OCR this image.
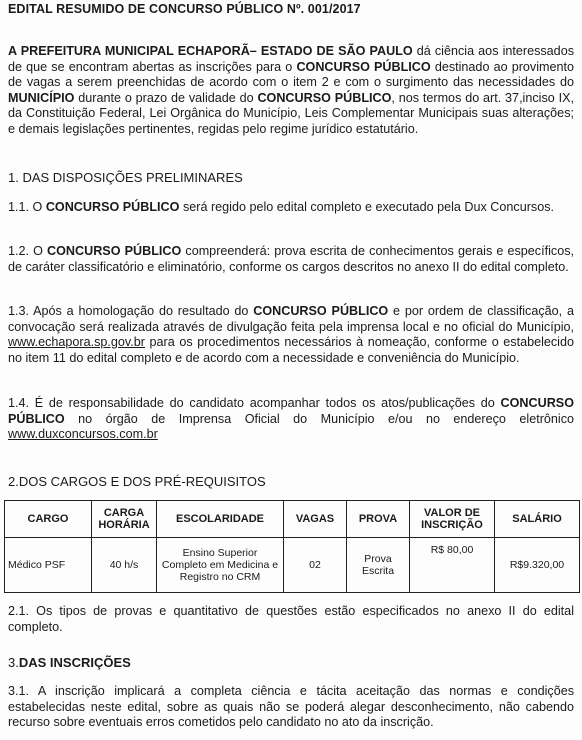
EDITAL RESUMIDO DE CONCURSO PÚBLICO Nº. 001/2017

A PREFEITURA MUNICIPAL ECHAPORÃ– ESTADO DE SÃO PAULO dá ciência aos interessados de que se encontram abertas as inscrições para o CONCURSO PÚBLICO destinado ao provimento de vagas a serem preenchidas de acordo com o item 2 e com o surgimento das necessidades do MUNICÍPIO durante o prazo de validade do CONCURSO PÚBLICO, nos termos do art. 37,inciso IX, da Constituição Federal, Lei Orgânica do Município, Leis Complementar Municipais suas alterações; e demais legislações pertinentes, regidas pelo regime jurídico estatutário.

1. DAS DISPOSIÇÕES PRELIMINARES

1.1. O CONCURSO PÚBLICO será regido pelo edital completo e executado pela Dux Concursos.

1.2. O CONCURSO PÚBLICO compreenderá: prova escrita de conhecimentos gerais e específicos, de caráter classificatório e eliminatório, conforme os cargos descritos no anexo II do edital completo.

1.3. Após a homologação do resultado do CONCURSO PÚBLICO e por ordem de classificação, a convocação será realizada através de divulgação feita pela imprensa local e no oficial do Município, www.echapora.sp.gov.br para os procedimentos necessários à nomeação, conforme o estabelecido no item 11 do edital completo e de acordo com a necessidade e conveniência do Município.

1.4. É de responsabilidade do candidato acompanhar todos os atos/publicações do CONCURSO PÚBLICO no órgão de Imprensa Oficial do Município e/ou no endereço eletrônico www.duxconcursos.com.br

2.DOS CARGOS E DOS PRÉ-REQUISITOS
CARGO	CARGA HORÁRIA	ESCOLARIDADE	VAGAS	PROVA	VALOR DE INSCRIÇÃO	SALÁRIO
Médico PSF	40 h/s	Ensino Superior Completo em Medicina e Registro no CRM	02	Prova Escrita	R$ 80,00	R$9.320,00

2.1. Os tipos de provas e quantitativo de questões estão especificados no anexo II do edital completo.

3.DAS INSCRIÇÕES

3.1. A inscrição implicará a completa ciência e tácita aceitação das normas e condições estabelecidas neste edital, sobre as quais não se poderá alegar desconhecimento, não cabendo recurso sobre eventuais erros cometidos pelo candidato no ato da inscrição.
